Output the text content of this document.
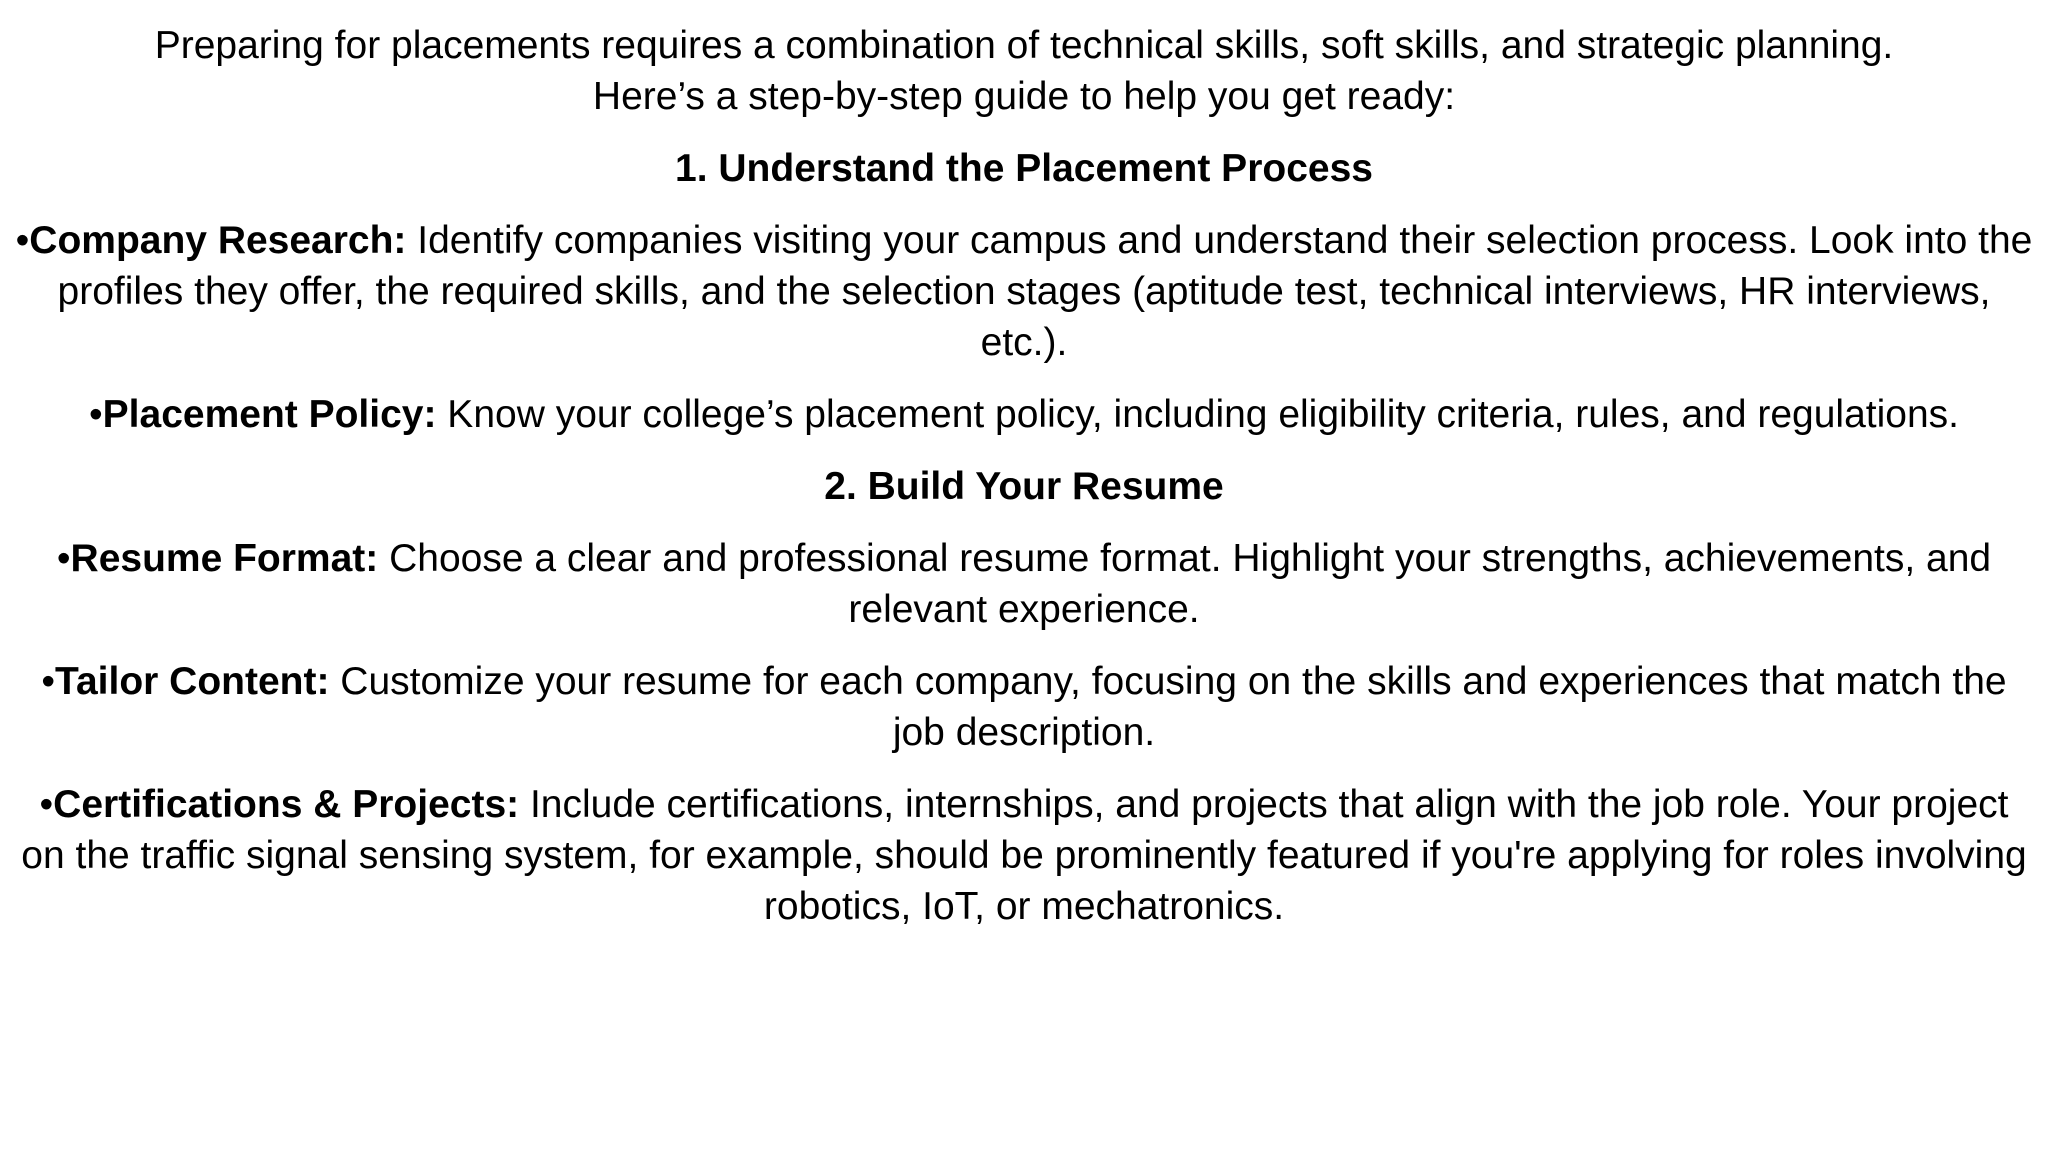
Preparing for placements requires a combination of technical skills, soft skills, and strategic planning.
Here’s a step-by-step guide to help you get ready:

1. Understand the Placement Process

•Company Research: Identify companies visiting your campus and understand their selection process. Look into the profiles they offer, the required skills, and the selection stages (aptitude test, technical interviews, HR interviews, etc.).

•Placement Policy: Know your college’s placement policy, including eligibility criteria, rules, and regulations.

2. Build Your Resume

•Resume Format: Choose a clear and professional resume format. Highlight your strengths, achievements, and relevant experience.

•Tailor Content: Customize your resume for each company, focusing on the skills and experiences that match the job description.

•Certifications & Projects: Include certifications, internships, and projects that align with the job role. Your project on the traffic signal sensing system, for example, should be prominently featured if you're applying for roles involving robotics, IoT, or mechatronics.
